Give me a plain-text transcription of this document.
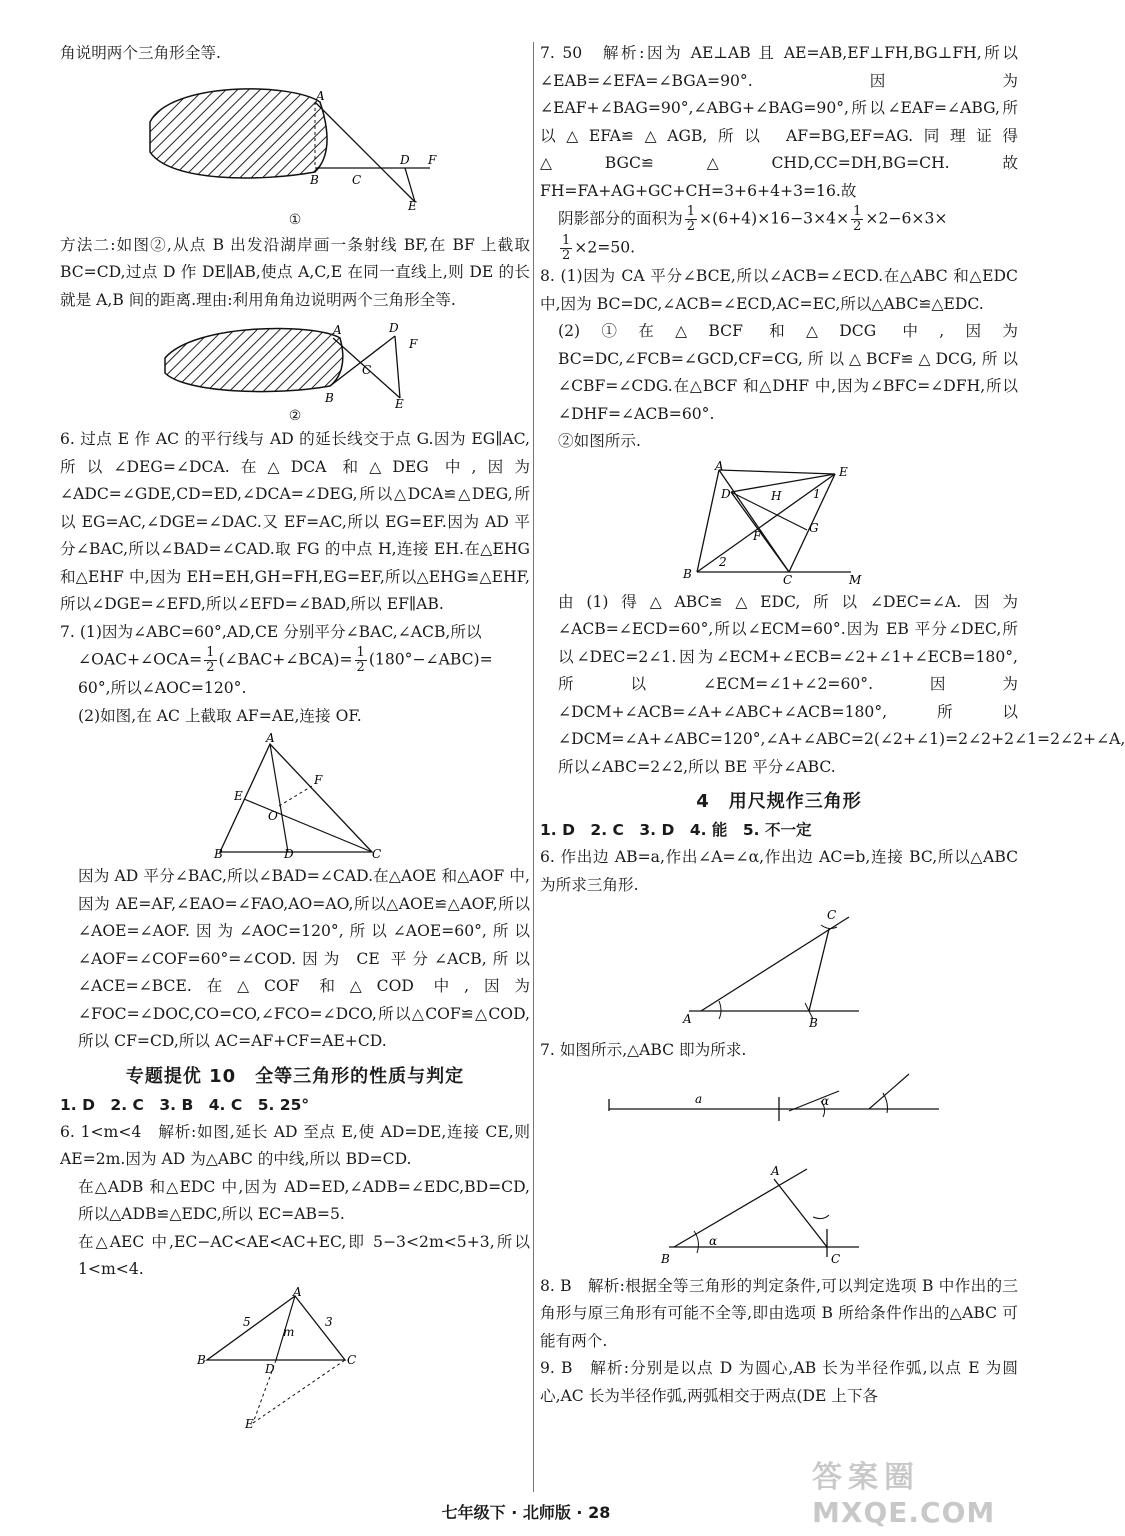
角说明两个三角形全等.

A
B	C
D F
E
①

方法二:如图②,从点 B 出发沿湖岸画一条射线 BF,在 BF 上截取 BC=CD,过点 D 作 DE∥AB,使点 A,C,E 在同一直线上,则 DE 的长就是 A,B 间的距离.理由:利用角角边说明两个三角形全等.

A
B
C
D
F
E
②

6. 过点 E 作 AC 的平行线与 AD 的延长线交于点 G.因为 EG∥AC,所以∠DEG=∠DCA.在△DCA 和△DEG 中,因为∠ADC=∠GDE,CD=ED,∠DCA=∠DEG,所以△DCA≌△DEG,所以 EG=AC,∠DGE=∠DAC.又 EF=AC,所以 EG=EF.因为 AD 平分∠BAC,所以∠BAD=∠CAD.取 FG 的中点 H,连接 EH.在△EHG 和△EHF 中,因为 EH=EH,GH=FH,EG=EF,所以△EHG≌△EHF,所以∠DGE=∠EFD,所以∠EFD=∠BAD,所以 EF∥AB.

7. (1)因为∠ABC=60°,AD,CE 分别平分∠BAC,∠ACB,所以

∠OAC+∠OCA= $\frac{1}{2}$ (∠BAC+∠BCA)= $\frac{1}{2}$ (180°−∠ABC)=

60°,所以∠AOC=120°.

(2)如图,在 AC 上截取 AF=AE,连接 OF.

A
E
F
O
B	D	C

因为 AD 平分∠BAC,所以∠BAD=∠CAD.在△AOE 和△AOF 中,因为 AE=AF,∠EAO=∠FAO,AO=AO,所以△AOE≌△AOF,所以∠AOE=∠AOF.因为∠AOC=120°,所以∠AOE=60°,所以∠AOF=∠COF=60°=∠COD.因为 CE 平分∠ACB,所以∠ACE=∠BCE.在△COF 和△COD 中,因为∠FOC=∠DOC,CO=CO,∠FCO=∠DCO,所以△COF≌△COD,所以 CF=CD,所以 AC=AF+CF=AE+CD.

专题提优 10　全等三角形的性质与判定

1. D　2. C　3. B　4. C　5. 25°

6. 1<m<4　解析:如图,延长 AD 至点 E,使 AD=DE,连接 CE,则 AE=2m.因为 AD 为△ABC 的中线,所以 BD=CD.

在△ADB 和△EDC 中,因为 AD=ED,∠ADB=∠EDC,BD=CD,所以△ADB≌△EDC,所以 EC=AB=5.

在△AEC 中,EC−AC<AE<AC+EC,即 5−3<2m<5+3,所以 1<m<4.

A
5	3
m
B
D
C
E

7. 50　解析:因为 AE⊥AB 且 AE=AB,EF⊥FH,BG⊥FH,所以∠EAB=∠EFA=∠BGA=90°.因为∠EAF+∠BAG=90°,∠ABG+∠BAG=90°,所以∠EAF=∠ABG,所以△EFA≌△AGB,所以 AF=BG,EF=AG.同理证得△BGC≌△CHD,CC=DH,BG=CH.故 FH=FA+AG+GC+CH=3+6+4+3=16.故

阴影部分的面积为 $\frac{1}{2} \times(6+4)\times 16-3\times 4\times \frac{1}{2} \times 2-6\times 3\times$

$\frac{1}{2} \times 2=50$.

8. (1)因为 CA 平分∠BCE,所以∠ACB=∠ECD.在△ABC 和△EDC 中,因为 BC=DC,∠ACB=∠ECD,AC=EC,所以△ABC≌△EDC.

(2)①在△BCF 和△DCG 中,因为 BC=DC,∠FCB=∠GCD,CF=CG,所以△BCF≌△DCG,所以∠CBF=∠CDG.在△BCF 和△DHF 中,因为∠BFC=∠DFH,所以∠DHF=∠ACB=60°.

②如图所示.

A	E
D	H	1
G
F
B
2
C	M

由(1)得△ABC≌△EDC,所以∠DEC=∠A.因为∠ACB=∠ECD=60°,所以∠ECM=60°.因为 EB 平分∠DEC,所以∠DEC=2∠1.因为∠ECM+∠ECB=∠2+∠1+∠ECB=180°,所以∠ECM=∠1+∠2=60°.因为∠DCM+∠ACB=∠A+∠ABC+∠ACB=180°,所以∠DCM=∠A+∠ABC=120°,∠A+∠ABC=2(∠2+∠1)=2∠2+2∠1=2∠2+∠A,所以∠ABC=2∠2,所以 BE 平分∠ABC.

4　用尺规作三角形

1. D　2. C　3. D　4. 能　5. 不一定

6. 作出边 AB=a,作出∠A=∠α,作出边 AC=b,连接 BC,所以△ABC 为所求三角形.

C
A	B

7. 如图所示,△ABC 即为所求.

a	α
A
B
α
C

8. B　解析:根据全等三角形的判定条件,可以判定选项 B 中作出的三角形与原三角形有可能不全等,即由选项 B 所给条件作出的△ABC 可能有两个.

9. B　解析:分别是以点 D 为圆心,AB 长为半径作弧,以点 E 为圆心,AC 长为半径作弧,两弧相交于两点(DE 上下各

七年级下 · 北师版 · 28
答案圈
MXQE.COM
